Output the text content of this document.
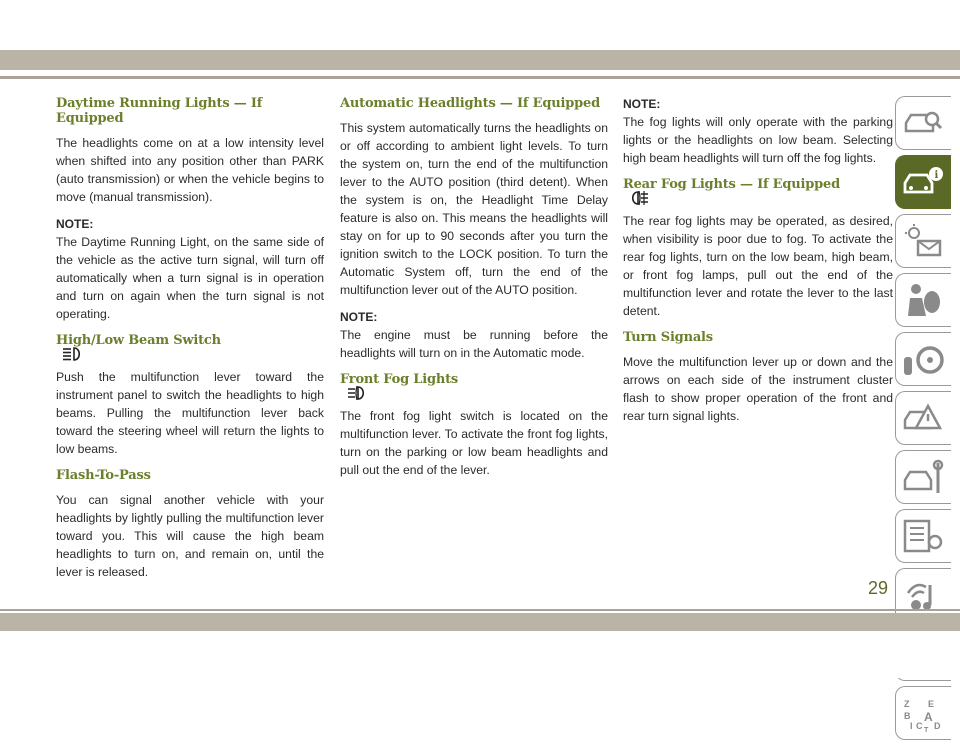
Daytime Running Lights — If Equipped

The headlights come on at a low intensity level when shifted into any position other than PARK (auto transmission) or when the vehicle begins to move (manual transmission).

NOTE:

The Daytime Running Light, on the same side of the vehicle as the active turn signal, will turn off automatically when a turn signal is in operation and turn on again when the turn signal is not operating.

High/Low Beam Switch

Push the multifunction lever toward the instrument panel to switch the headlights to high beams. Pulling the multifunction lever back toward the steering wheel will return the lights to low beams.

Flash-To-Pass

You can signal another vehicle with your headlights by lightly pulling the multifunction lever toward you. This will cause the high beam headlights to turn on, and remain on, until the lever is released.

Automatic Headlights — If Equipped

This system automatically turns the headlights on or off according to ambient light levels. To turn the system on, turn the end of the multifunction lever to the AUTO position (third detent). When the system is on, the Headlight Time Delay feature is also on. This means the headlights will stay on for up to 90 seconds after you turn the ignition switch to the LOCK position. To turn the Automatic System off, turn the end of the multifunction lever out of the AUTO position.

NOTE:

The engine must be running before the headlights will turn on in the Automatic mode.

Front Fog Lights

The front fog light switch is located on the multifunction lever. To activate the front fog lights, turn on the parking or low beam headlights and pull out the end of the lever.

NOTE:

The fog lights will only operate with the parking lights or the headlights on low beam. Selecting high beam headlights will turn off the fog lights.

Rear Fog Lights — If Equipped

The rear fog lights may be operated, as desired, when visibility is poor due to fog. To activate the rear fog lights, turn on the low beam, high beam, or front fog lamps, pull out the end of the multifunction lever and rotate the lever to the last detent.

Turn Signals

Move the multifunction lever up or down and the arrows on each side of the instrument cluster flash to show proper operation of the front and rear turn signal lights.

i
Z E
B A
I C D
T
29
